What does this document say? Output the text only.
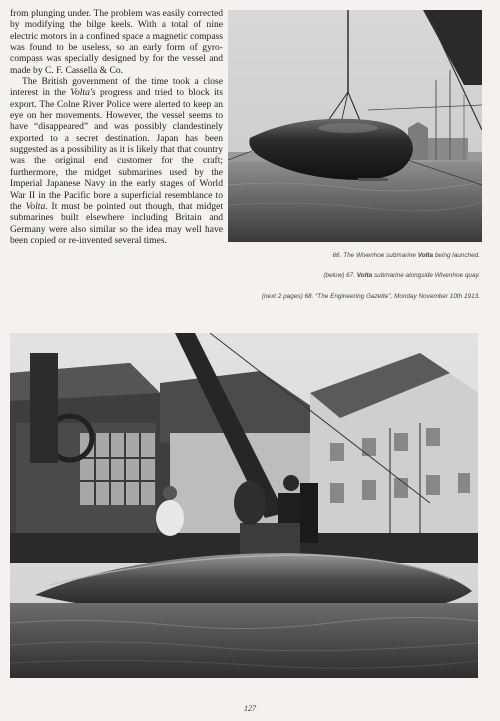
from plunging under. The problem was easily corrected by modifying the bilge keels. With a total of nine electric motors in a confined space a magnetic compass was found to be useless, so an early form of gyro-compass was specially designed by for the vessel and made by C. F. Cassella & Co.

The British government of the time took a close interest in the Volta's progress and tried to block its export. The Colne River Police were alerted to keep an eye on her movements. However, the vessel seems to have “disappeared” and was possibly clandestinely exported to a secret destination. Japan has been suggested as a possibility as it is likely that that country was the original end customer for the craft; furthermore, the midget submarines used by the Imperial Japanese Navy in the early stages of World War II in the Pacific bore a superficial resemblance to the Volta. It must be pointed out though, that midget submarines built elsewhere including Britain and Germany were also similar so the idea may well have been copied or re-invented several times.

66. The Wivenhoe submarine Volta being launched.
(below) 67. Volta submarine alongside Wivenhoe quay.
(next 2 pages) 68. “The Engineering Gazette”, Monday November 10th 1913.
127
